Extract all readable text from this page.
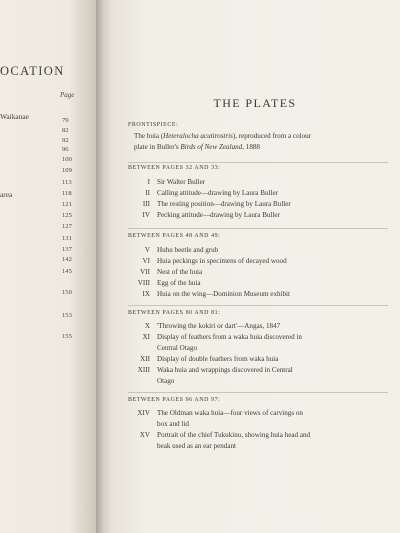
OCATION
Page
Waikanae
area
79
82
92
96
100
109
113
118
121
125
127
131
137
142
145
150
153
155
THE PLATES
FRONTISPIECE:
The huia (Heteralocha acutirostris), reproduced from a colour
plate in Buller's Birds of New Zealand, 1888
BETWEEN PAGES 32 AND 33:
I Sir Walter Buller
II Calling attitude—drawing by Laura Buller
III The resting position—drawing by Laura Buller
IV Pecking attitude—drawing by Laura Buller
BETWEEN PAGES 48 AND 49:
V Huhu beetle and grub
VI Huia peckings in specimens of decayed wood
VII Nest of the huia
VIII Egg of the huia
IX Huia on the wing—Dominion Museum exhibit
BETWEEN PAGES 80 AND 81:
X 'Throwing the kokiri or dart'—Angas, 1847
XI Display of feathers from a waka huia discovered in
Central Otago
XII Display of double feathers from waka huia
XIII Waka huia and wrappings discovered in Central
Otago
BETWEEN PAGES 96 AND 97:
XIV The Oldman waka huia—four views of carvings on
box and lid
XV Portrait of the chief Tukukino, showing huia head and
beak used as an ear pendant
